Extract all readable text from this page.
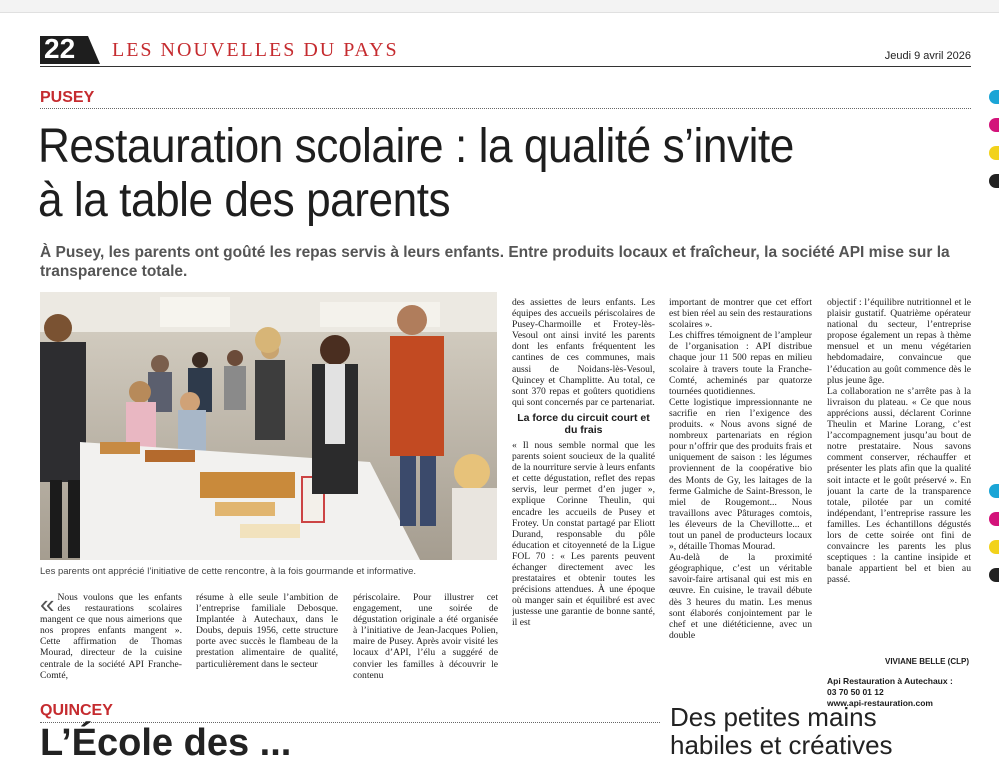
22 LES NOUVELLES DU PAYS	Jeudi 9 avril 2026
PUSEY
Restauration scolaire : la qualité s’invite
à la table des parents
À Pusey, les parents ont goûté les repas servis à leurs enfants. Entre produits locaux et fraîcheur, la société API mise sur la transparence totale.
Les parents ont apprécié l’initiative de cette rencontre, à la fois gourmande et informative.
« Nous voulons que les enfants des restaurations scolaires mangent ce que nous aimerions que nos propres enfants mangent ». Cette affirmation de Thomas Mourad, directeur de la cuisine centrale de la société API Franche-Comté,

résume à elle seule l’ambition de l’entreprise familiale Debosque. Implantée à Autechaux, dans le Doubs, depuis 1956, cette structure porte avec succès le flambeau de la prestation alimentaire de qualité, particulièrement dans le secteur

périscolaire. Pour illustrer cet engagement, une soirée de dégustation originale a été organisée à l’initiative de Jean-Jacques Polien, maire de Pusey. Après avoir visité les locaux d’API, l’élu a suggéré de convier les familles à découvrir le contenu

des assiettes de leurs enfants. Les équipes des accueils périscolaires de Pusey-Charmoille et Frotey-lès-Vesoul ont ainsi invité les parents dont les enfants fréquentent les cantines de ces communes, mais aussi de Noidans-lès-Vesoul, Quincey et Champlitte. Au total, ce sont 370 repas et goûters quotidiens qui sont concernés par ce partenariat.

La force du circuit court et du frais

« Il nous semble normal que les parents soient soucieux de la qualité de la nourriture servie à leurs enfants et cette dégustation, reflet des repas servis, leur permet d’en juger », explique Corinne Theulin, qui encadre les accueils de Pusey et Frotey. Un constat partagé par Eliott Durand, responsable du pôle éducation et citoyenneté de la Ligue FOL 70 : « Les parents peuvent échanger directement avec les prestataires et obtenir toutes les précisions attendues. À une époque où manger sain et équilibré est avec justesse une garantie de bonne santé, il est

important de montrer que cet effort est bien réel au sein des restaurations scolaires ».

Les chiffres témoignent de l’ampleur de l’organisation : API distribue chaque jour 11 500 repas en milieu scolaire à travers toute la Franche-Comté, acheminés par quatorze tournées quotidiennes.

Cette logistique impressionnante ne sacrifie en rien l’exigence des produits. « Nous avons signé de nombreux partenariats en région pour n’offrir que des produits frais et uniquement de saison : les légumes proviennent de la coopérative bio des Monts de Gy, les laitages de la ferme Galmiche de Saint-Bresson, le miel de Rougemont... Nous travaillons avec Pâturages comtois, les éleveurs de la Chevillotte... et tout un panel de producteurs locaux », détaille Thomas Mourad.

Au-delà de la proximité géographique, c’est un véritable savoir-faire artisanal qui est mis en œuvre. En cuisine, le travail débute dès 3 heures du matin. Les menus sont élaborés conjointement par le chef et une diététicienne, avec un double

objectif : l’équilibre nutritionnel et le plaisir gustatif. Quatrième opérateur national du secteur, l’entreprise propose également un repas à thème mensuel et un menu végétarien hebdomadaire, convaincue que l’éducation au goût commence dès le plus jeune âge.

La collaboration ne s’arrête pas à la livraison du plateau. « Ce que nous apprécions aussi, déclarent Corinne Theulin et Marine Lorang, c’est l’accompagnement jusqu’au bout de notre prestataire. Nous savons comment conserver, réchauffer et présenter les plats afin que la qualité soit intacte et le goût préservé ». En jouant la carte de la transparence totale, pilotée par un comité indépendant, l’entreprise rassure les familles. Les échantillons dégustés lors de cette soirée ont fini de convaincre les parents les plus sceptiques : la cantine insipide et banale appartient bel et bien au passé.

VIVIANE BELLE (CLP)
Api Restauration à Autechaux :
03 70 50 01 12
www.api-restauration.com
QUINCEY
L’École des ...
Des petites mains
habiles et créatives
